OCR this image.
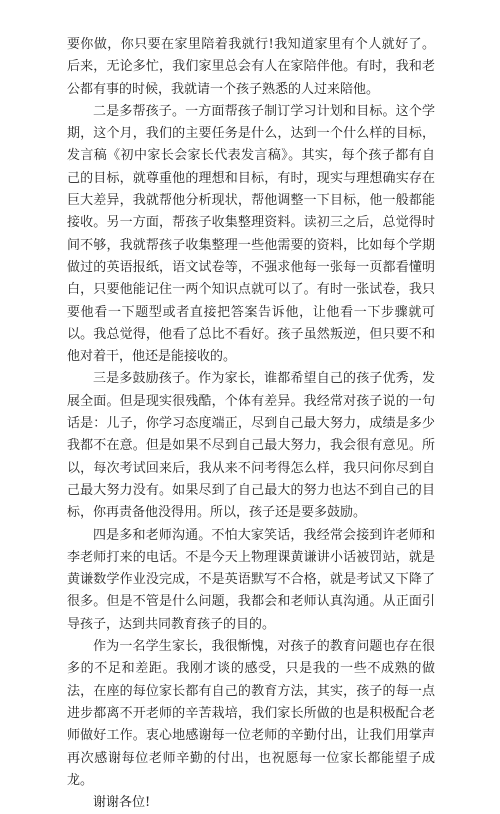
要你做，你只要在家里陪着我就行!我知道家里有个人就好了。后来，无论多忙，我们家里总会有人在家陪伴他。有时，我和老公都有事的时候，我就请一个孩子熟悉的人过来陪他。

二是多帮孩子。一方面帮孩子制订学习计划和目标。这个学期，这个月，我们的主要任务是什么，达到一个什么样的目标，发言稿《初中家长会家长代表发言稿》。其实，每个孩子都有自己的目标，就尊重他的理想和目标，有时，现实与理想确实存在巨大差异，我就帮他分析现状，帮他调整一下目标，他一般都能接收。另一方面，帮孩子收集整理资料。读初三之后，总觉得时间不够，我就帮孩子收集整理一些他需要的资料，比如每个学期做过的英语报纸，语文试卷等，不强求他每一张每一页都看懂明白，只要他能记住一两个知识点就可以了。有时一张试卷，我只要他看一下题型或者直接把答案告诉他，让他看一下步骤就可以。我总觉得，他看了总比不看好。孩子虽然叛逆，但只要不和他对着干，他还是能接收的。

三是多鼓励孩子。作为家长，谁都希望自己的孩子优秀，发展全面。但是现实很残酷，个体有差异。我经常对孩子说的一句话是：儿子，你学习态度端正，尽到自己最大努力，成绩是多少我都不在意。但是如果不尽到自己最大努力，我会很有意见。所以，每次考试回来后，我从来不问考得怎么样，我只问你尽到自己最大努力没有。如果尽到了自己最大的努力也达不到自己的目标，你再责备他没得用。所以，孩子还是要多鼓励。

四是多和老师沟通。不怕大家笑话，我经常会接到许老师和李老师打来的电话。不是今天上物理课黄谦讲小话被罚站，就是黄谦数学作业没完成，不是英语默写不合格，就是考试又下降了很多。但是不管是什么问题，我都会和老师认真沟通。从正面引导孩子，达到共同教育孩子的目的。

作为一名学生家长，我很惭愧，对孩子的教育问题也存在很多的不足和差距。我刚才谈的感受，只是我的一些不成熟的做法，在座的每位家长都有自己的教育方法，其实，孩子的每一点进步都离不开老师的辛苦栽培，我们家长所做的也是积极配合老师做好工作。衷心地感谢每一位老师的辛勤付出，让我们用掌声再次感谢每位老师辛勤的付出，也祝愿每一位家长都能望子成龙。

谢谢各位!
